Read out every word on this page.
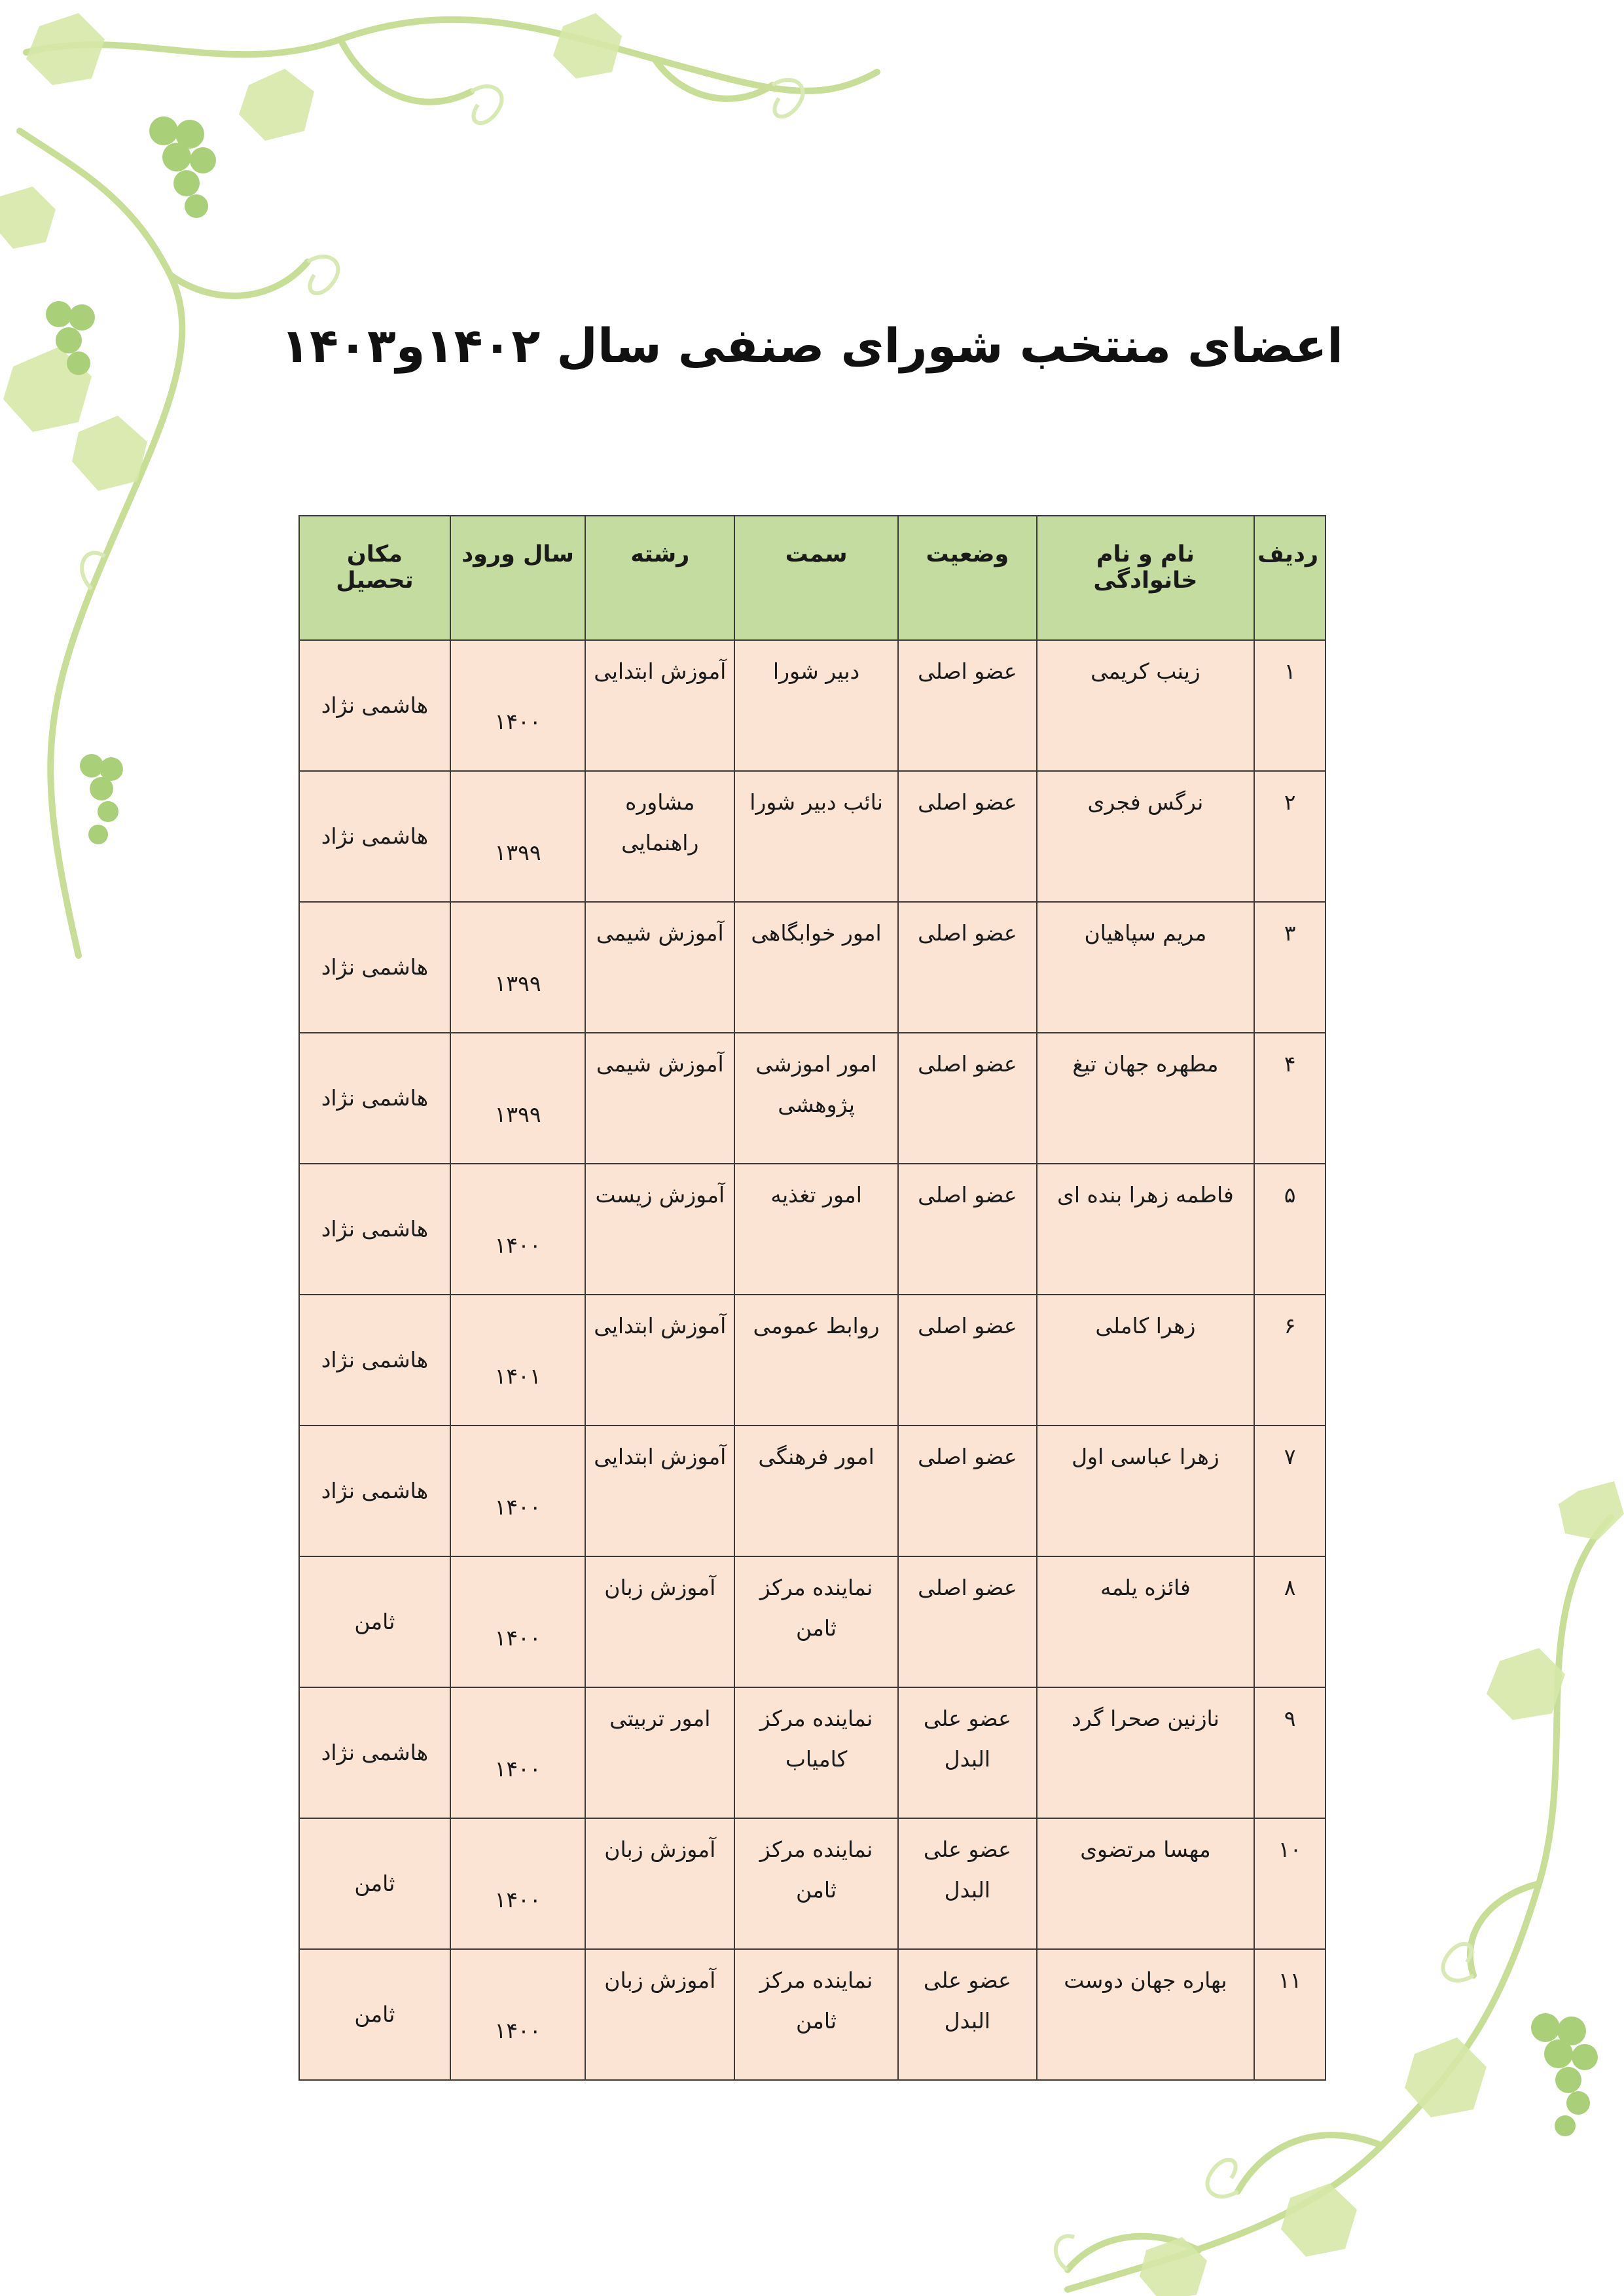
اعضای منتخب شورای صنفی سال ۱۴۰۲و۱۴۰۳
ردیف	نام و نام خانوادگی	وضعیت	سمت	رشته	سال ورود	مکان تحصیل
۱	زینب کریمی	عضو اصلی	دبیر شورا	آموزش ابتدایی	۱۴۰۰	هاشمی نژاد
۲	نرگس فجری	عضو اصلی	نائب دبیر شورا	مشاوره راهنمایی	۱۳۹۹	هاشمی نژاد
۳	مریم سپاهیان	عضو اصلی	امور خوابگاهی	آموزش شیمی	۱۳۹۹	هاشمی نژاد
۴	مطهره جهان تیغ	عضو اصلی	امور اموزشی پژوهشی	آموزش شیمی	۱۳۹۹	هاشمی نژاد
۵	فاطمه زهرا بنده ای	عضو اصلی	امور تغذیه	آموزش زیست	۱۴۰۰	هاشمی نژاد
۶	زهرا کاملی	عضو اصلی	روابط عمومی	آموزش ابتدایی	۱۴۰۱	هاشمی نژاد
۷	زهرا عباسی اول	عضو اصلی	امور فرهنگی	آموزش ابتدایی	۱۴۰۰	هاشمی نژاد
۸	فائزه یلمه	عضو اصلی	نماینده مرکز ثامن	آموزش زبان	۱۴۰۰	ثامن
۹	نازنین صحرا گرد	عضو علی البدل	نماینده مرکز کامیاب	امور تربیتی	۱۴۰۰	هاشمی نژاد
۱۰	مهسا مرتضوی	عضو علی البدل	نماینده مرکز ثامن	آموزش زبان	۱۴۰۰	ثامن
۱۱	بهاره جهان دوست	عضو علی البدل	نماینده مرکز ثامن	آموزش زبان	۱۴۰۰	ثامن
